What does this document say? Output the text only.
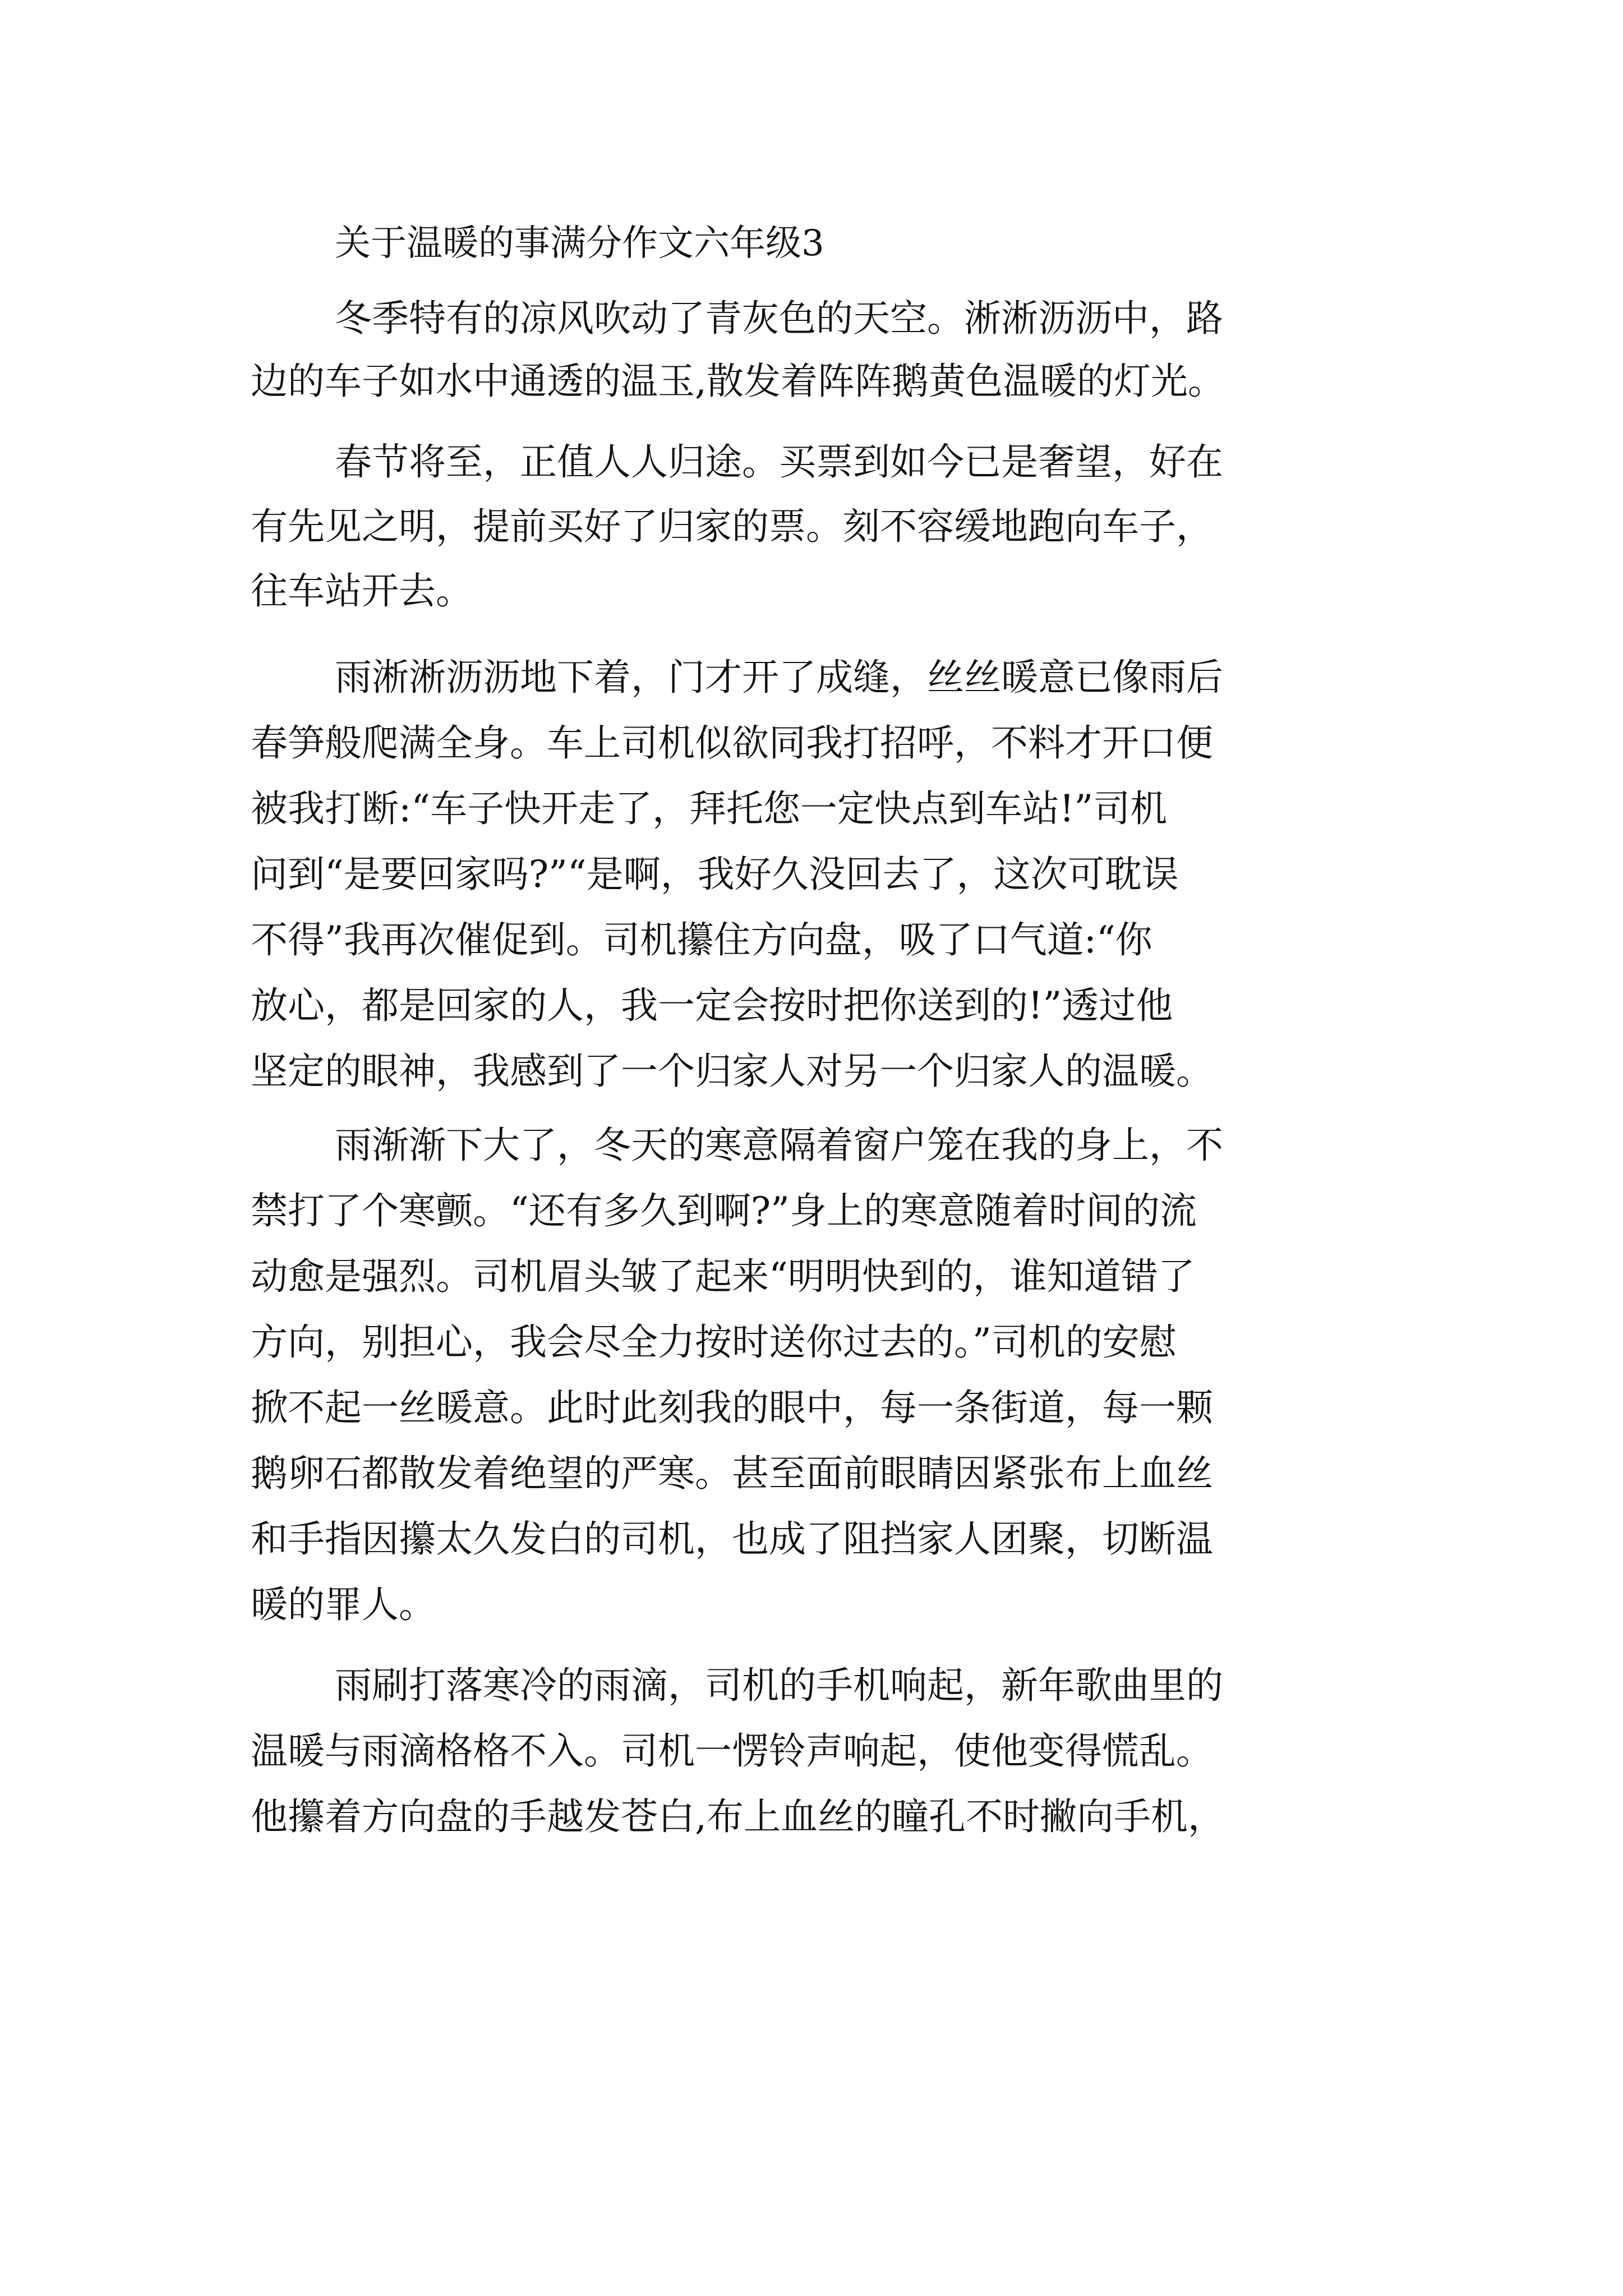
关于温暖的事满分作文六年级3
冬季特有的凉风吹动了青灰色的天空。淅淅沥沥中，路
边的车子如水中通透的温玉,散发着阵阵鹅黄色温暖的灯光。
春节将至，正值人人归途。买票到如今已是奢望，好在
有先见之明，提前买好了归家的票。刻不容缓地跑向车子，
往车站开去。
雨淅淅沥沥地下着，门才开了成缝，丝丝暖意已像雨后
春笋般爬满全身。车上司机似欲同我打招呼，不料才开口便
被我打断:“车子快开走了，拜托您一定快点到车站!”司机
问到“是要回家吗?”“是啊，我好久没回去了，这次可耽误
不得”我再次催促到。司机攥住方向盘，吸了口气道:“你
放心，都是回家的人，我一定会按时把你送到的!”透过他
坚定的眼神，我感到了一个归家人对另一个归家人的温暖。
雨渐渐下大了，冬天的寒意隔着窗户笼在我的身上，不
禁打了个寒颤。“还有多久到啊?”身上的寒意随着时间的流
动愈是强烈。司机眉头皱了起来“明明快到的，谁知道错了
方向，别担心，我会尽全力按时送你过去的。”司机的安慰
掀不起一丝暖意。此时此刻我的眼中，每一条街道，每一颗
鹅卵石都散发着绝望的严寒。甚至面前眼睛因紧张布上血丝
和手指因攥太久发白的司机，也成了阻挡家人团聚，切断温
暖的罪人。
雨刷打落寒冷的雨滴，司机的手机响起，新年歌曲里的
温暖与雨滴格格不入。司机一愣铃声响起，使他变得慌乱。
他攥着方向盘的手越发苍白,布上血丝的瞳孔不时撇向手机，
